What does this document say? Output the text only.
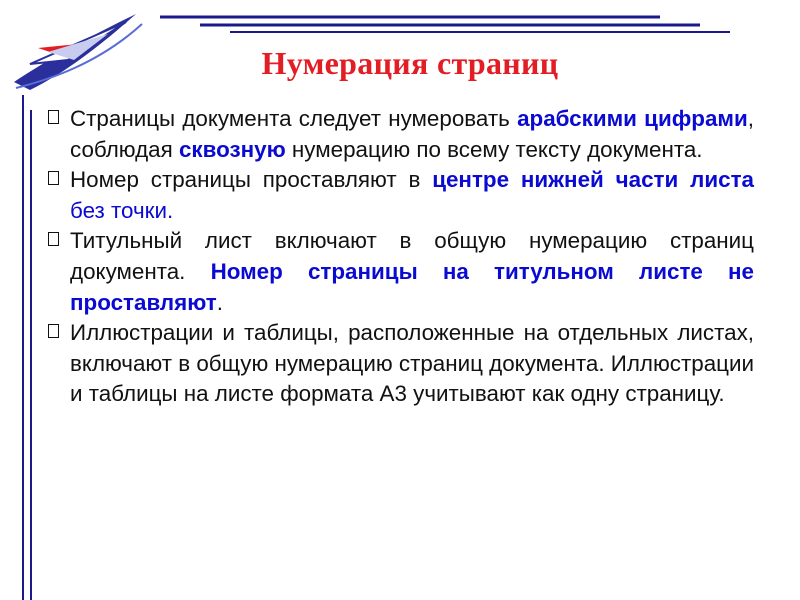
Нумерация страниц

Страницы документа следует нумеровать арабскими цифрами, соблюдая сквозную нумерацию по всему тексту документа.

Номер страницы проставляют в центре нижней части листа без точки.

Титульный лист включают в общую нумерацию страниц документа. Номер страницы на титульном листе не проставляют.

Иллюстрации и таблицы, расположенные на отдельных листах, включают в общую нумерацию страниц документа. Иллюстрации и таблицы на листе формата А3 учитывают как одну страницу.
